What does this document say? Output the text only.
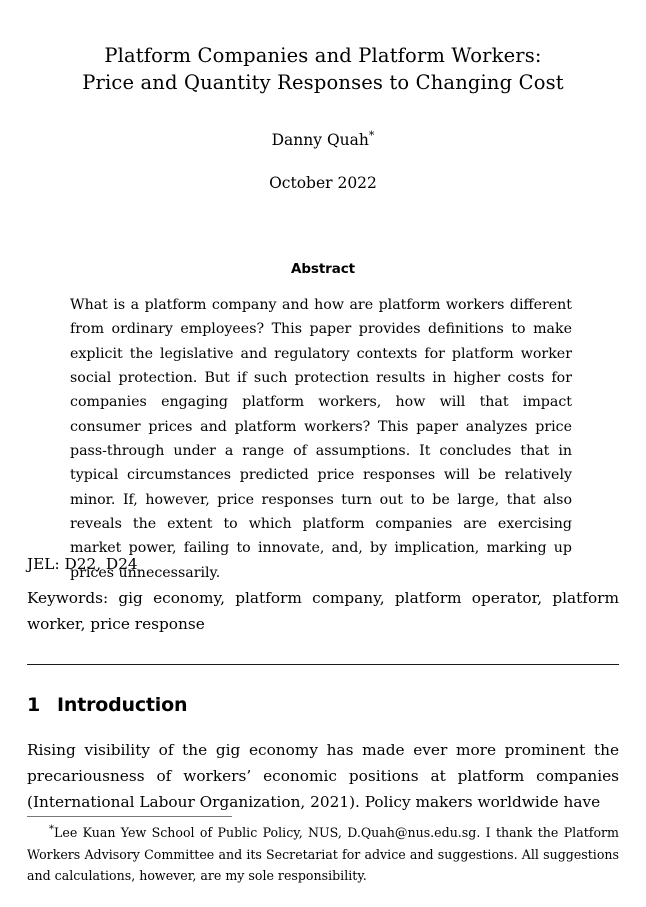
Platform Companies and Platform Workers:
Price and Quantity Responses to Changing Cost
Danny Quah*
October 2022
Abstract
What is a platform company and how are platform workers different from ordinary employees? This paper provides definitions to make explicit the legislative and regulatory contexts for platform worker social protection. But if such protection results in higher costs for companies engaging platform workers, how will that impact consumer prices and platform workers? This paper analyzes price pass-through under a range of assumptions. It concludes that in typical circumstances predicted price responses will be relatively minor. If, however, price responses turn out to be large, that also reveals the extent to which platform companies are exercising market power, failing to innovate, and, by implication, marking up prices unnecessarily.
JEL: D22, D24
Keywords: gig economy, platform company, platform operator, platform worker, price response
1 Introduction
Rising visibility of the gig economy has made ever more prominent the precariousness of workers’ economic positions at platform companies (International Labour Organization, 2021). Policy makers worldwide have
*Lee Kuan Yew School of Public Policy, NUS, D.Quah@nus.edu.sg. I thank the Platform Workers Advisory Committee and its Secretariat for advice and suggestions. All suggestions and calculations, however, are my sole responsibility.
